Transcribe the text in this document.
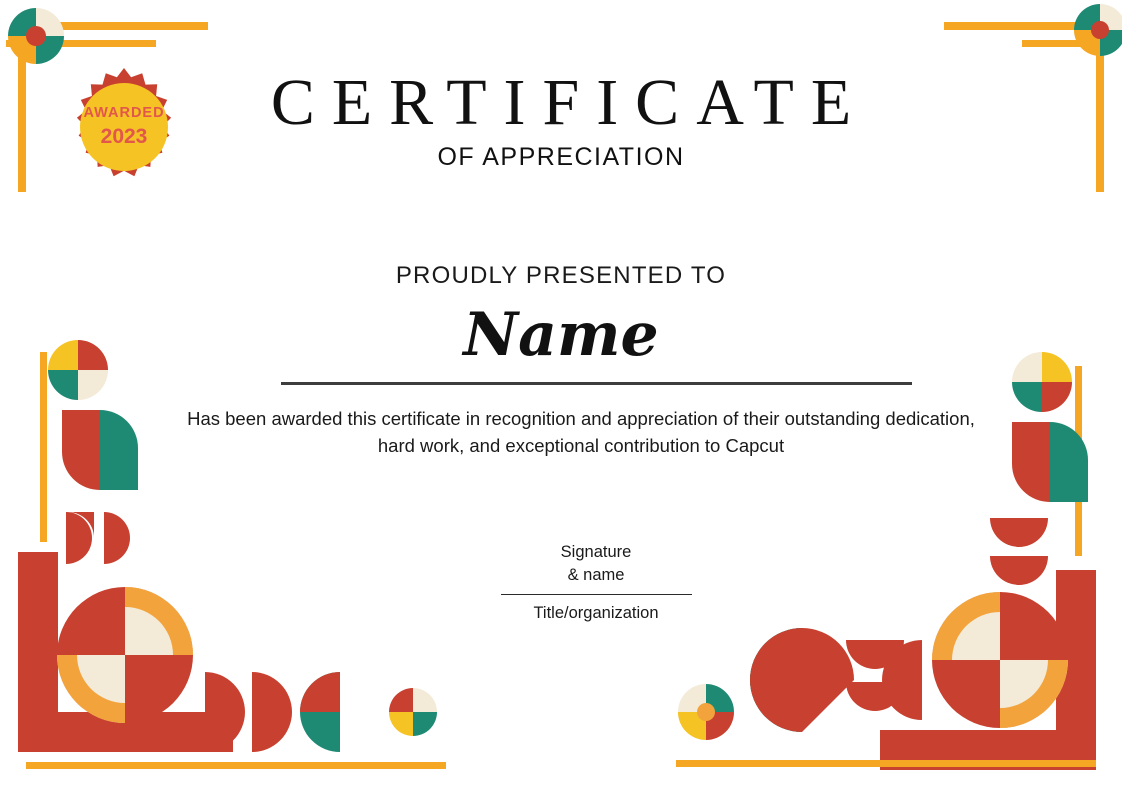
AWARDED
2023	CERTIFICATE
OF APPRECIATION
PROUDLY PRESENTED TO
Name
Has been awarded this certificate in recognition and appreciation of their outstanding dedication, hard work, and exceptional contribution to Capcut
Signature
& name
Title/organization
